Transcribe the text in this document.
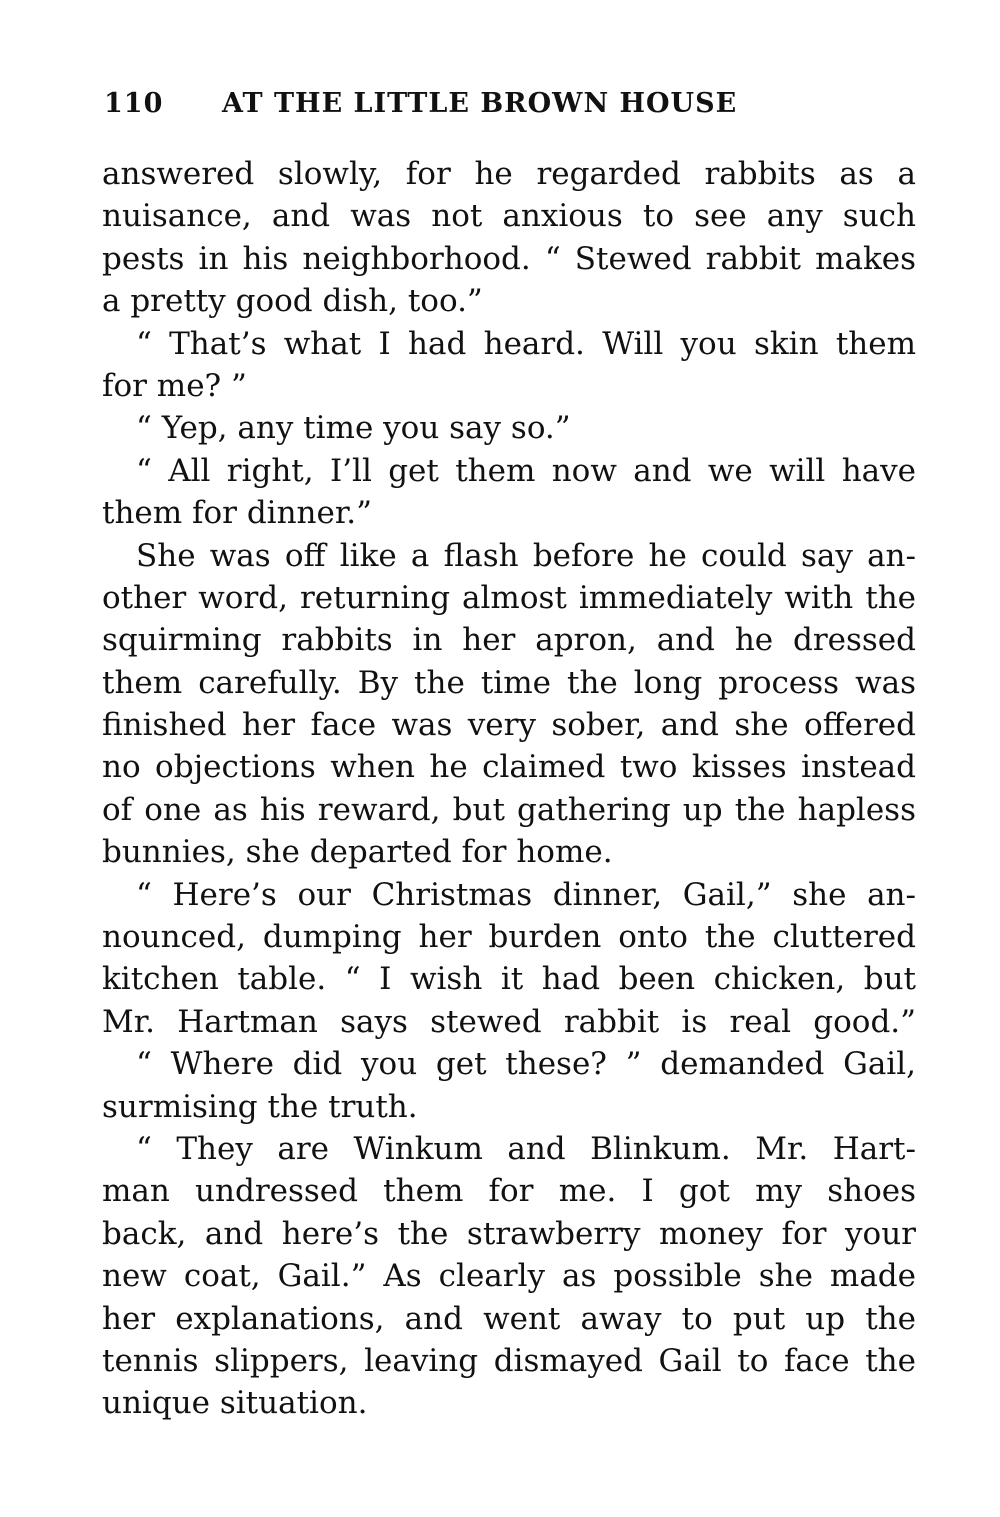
110 AT THE LITTLE BROWN HOUSE
answered slowly, for he regarded rabbits as a
nuisance, and was not anxious to see any such
pests in his neighborhood. “ Stewed rabbit makes
a pretty good dish, too.”
“ That’s what I had heard. Will you skin them
for me? ”
“ Yep, any time you say so.”
“ All right, I’ll get them now and we will have
them for dinner.”
She was off like a flash before he could say an-
other word, returning almost immediately with the
squirming rabbits in her apron, and he dressed
them carefully. By the time the long process was
finished her face was very sober, and she offered
no objections when he claimed two kisses instead
of one as his reward, but gathering up the hapless
bunnies, she departed for home.
“ Here’s our Christmas dinner, Gail,” she an-
nounced, dumping her burden onto the cluttered
kitchen table. “ I wish it had been chicken, but
Mr. Hartman says stewed rabbit is real good.”
“ Where did you get these? ” demanded Gail,
surmising the truth.
“ They are Winkum and Blinkum. Mr. Hart-
man undressed them for me. I got my shoes
back, and here’s the strawberry money for your
new coat, Gail.” As clearly as possible she made
her explanations, and went away to put up the
tennis slippers, leaving dismayed Gail to face the
unique situation.
